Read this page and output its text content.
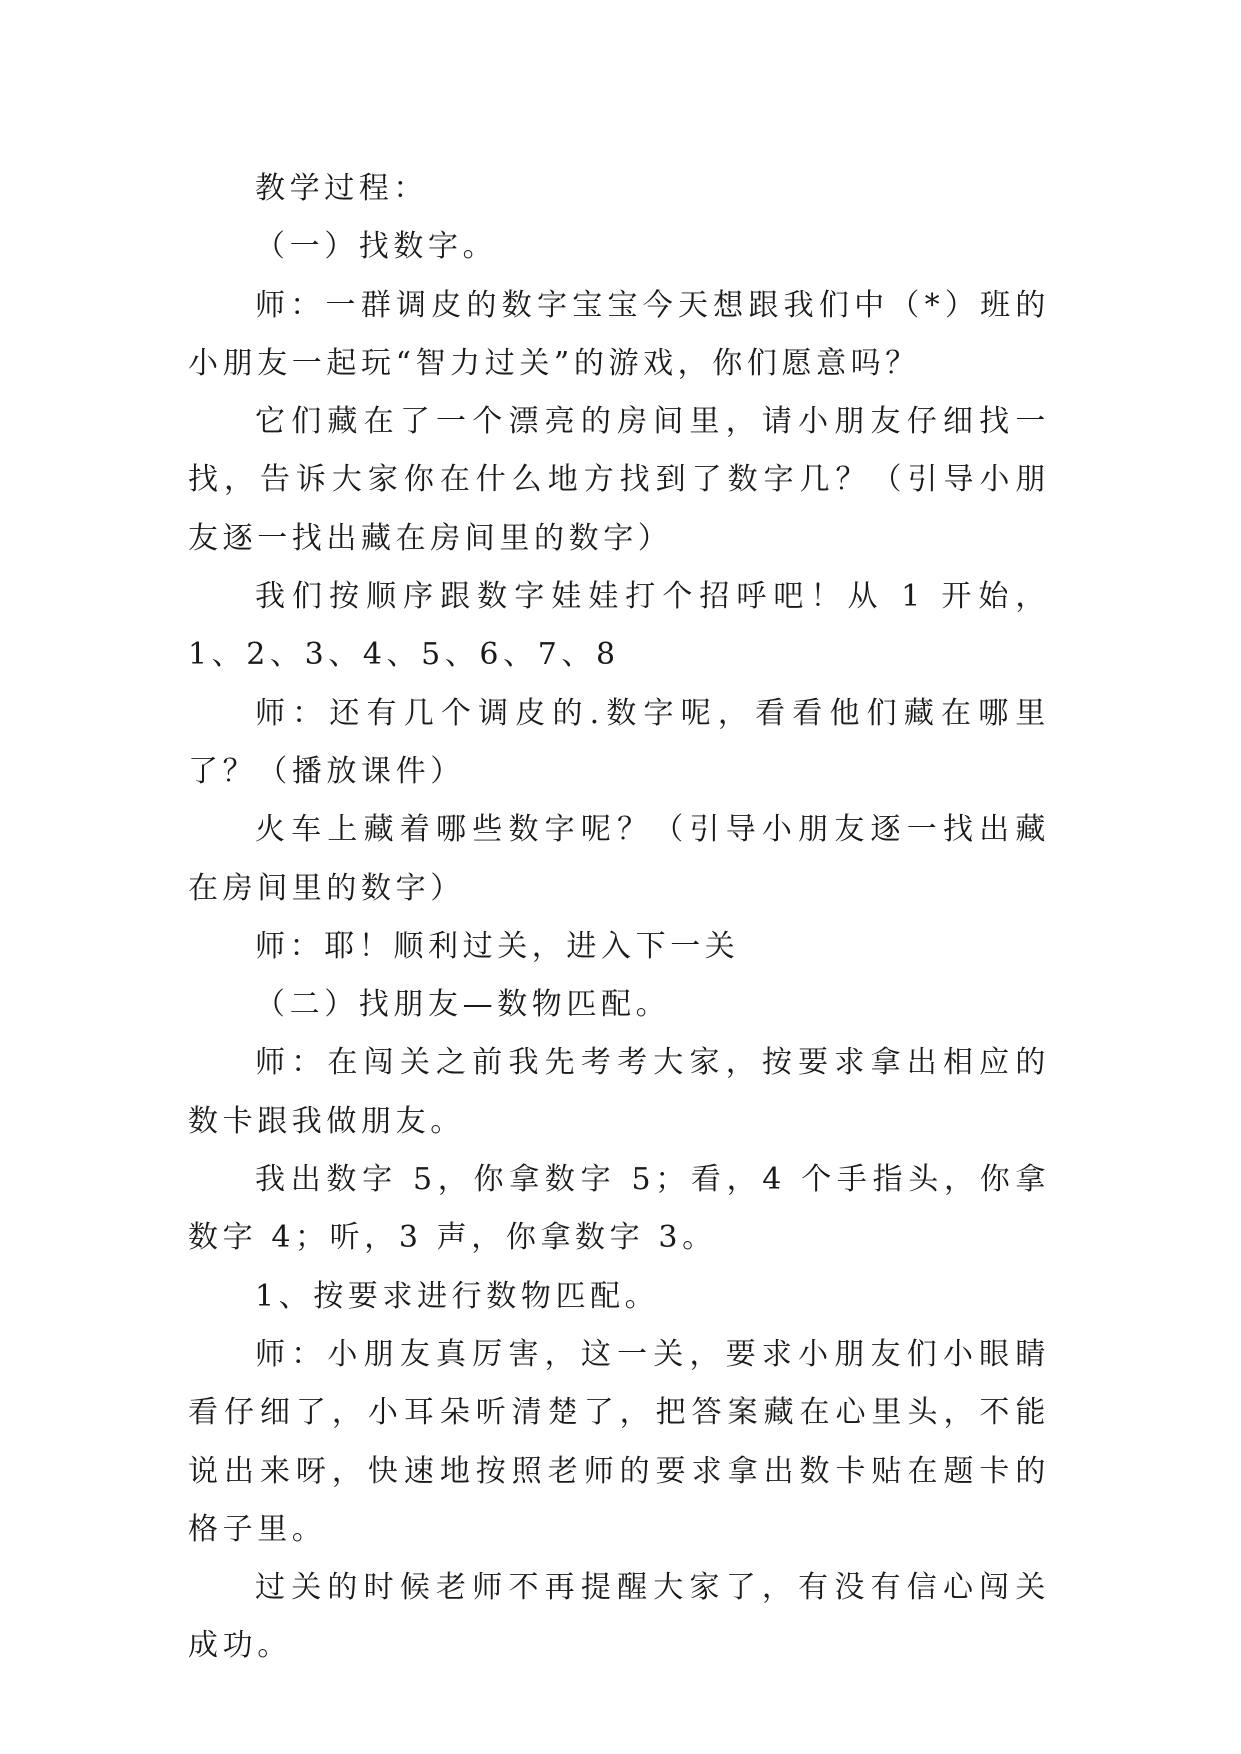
教学过程：

（一）找数字。

师：一群调皮的数字宝宝今天想跟我们中（*）班的小朋友一起玩“智力过关”的游戏，你们愿意吗？

它们藏在了一个漂亮的房间里，请小朋友仔细找一找，告诉大家你在什么地方找到了数字几？（引导小朋友逐一找出藏在房间里的数字）

我们按顺序跟数字娃娃打个招呼吧！从 1 开始，1、2、3、4、5、6、7、8

师：还有几个调皮的.数字呢，看看他们藏在哪里了？（播放课件）

火车上藏着哪些数字呢？（引导小朋友逐一找出藏在房间里的数字）

师：耶！顺利过关，进入下一关

（二）找朋友—数物匹配。

师：在闯关之前我先考考大家，按要求拿出相应的数卡跟我做朋友。

我出数字 5，你拿数字 5；看，4 个手指头，你拿数字 4；听，3 声，你拿数字 3。

1、按要求进行数物匹配。

师：小朋友真厉害，这一关，要求小朋友们小眼睛看仔细了，小耳朵听清楚了，把答案藏在心里头，不能说出来呀，快速地按照老师的要求拿出数卡贴在题卡的格子里。

过关的时候老师不再提醒大家了，有没有信心闯关成功。
